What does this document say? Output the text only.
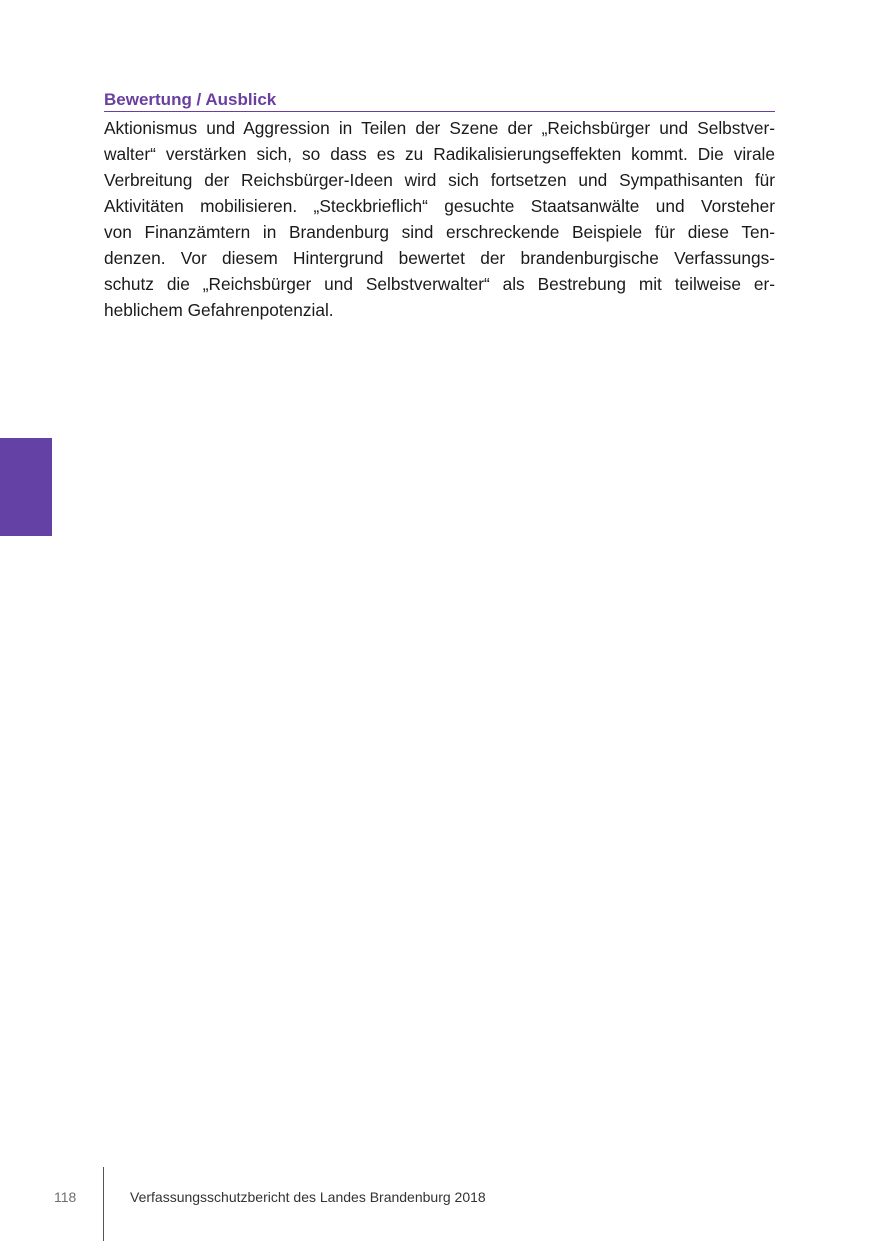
Bewertung / Ausblick

Aktionismus und Aggression in Teilen der Szene der „Reichsbürger und Selbstver-
walter“ verstärken sich, so dass es zu Radikalisierungseffekten kommt. Die virale
Verbreitung der Reichsbürger-Ideen wird sich fortsetzen und Sympathisanten für
Aktivitäten mobilisieren. „Steckbrieflich“ gesuchte Staatsanwälte und Vorsteher
von Finanzämtern in Brandenburg sind erschreckende Beispiele für diese Ten-
denzen. Vor diesem Hintergrund bewertet der brandenburgische Verfassungs-
schutz die „Reichsbürger und Selbstverwalter“ als Bestrebung mit teilweise er-
heblichem Gefahrenpotenzial.

118	Verfassungsschutzbericht des Landes Brandenburg 2018
